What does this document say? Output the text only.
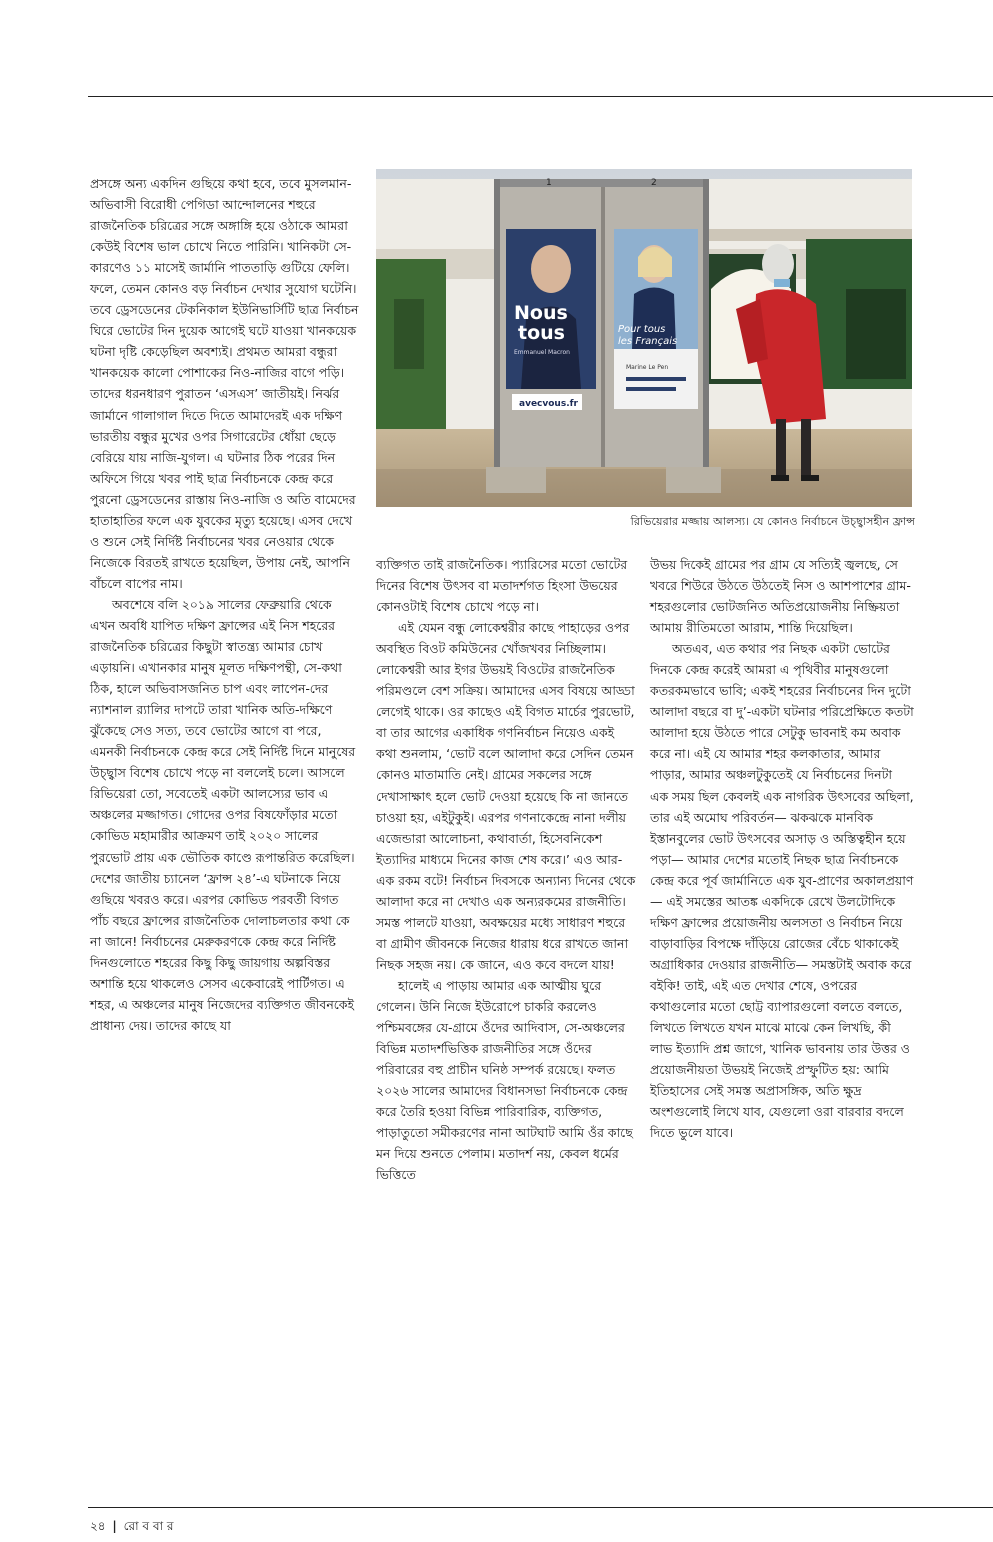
প্রসঙ্গে অন্য একদিন গুছিয়ে কথা হবে, তবে মুসলমান-অভিবাসী বিরোধী পেগিডা আন্দোলনের শহুরে রাজনৈতিক চরিত্রের সঙ্গে অঙ্গাঙ্গি হয়ে ওঠাকে আমরা কেউই বিশেষ ভাল চোখে নিতে পারিনি। খানিকটা সে-কারণেও ১১ মাসেই জার্মানি পাততাড়ি গুটিয়ে ফেলি। ফলে, তেমন কোনও বড় নির্বাচন দেখার সুযোগ ঘটেনি। তবে ড্রেসডেনের টেকনিকাল ইউনিভার্সিটি ছাত্র নির্বাচন ঘিরে ভোটের দিন দুয়েক আগেই ঘটে যাওয়া খানকয়েক ঘটনা দৃষ্টি কেড়েছিল অবশ্যই। প্রথমত আমরা বন্ধুরা খানকয়েক কালো পোশাকের নিও-নাজির বাগে পড়ি। তাদের ধরনধারণ পুরাতন ‘এসএস’ জাতীয়ই। নির্ঝর জার্মানে গালাগাল দিতে দিতে আমাদেরই এক দক্ষিণ ভারতীয় বন্ধুর মুখের ওপর সিগারেটের ধোঁয়া ছেড়ে বেরিয়ে যায় নাজি-যুগল। এ ঘটনার ঠিক পরের দিন অফিসে গিয়ে খবর পাই ছাত্র নির্বাচনকে কেন্দ্র করে পুরনো ড্রেসডেনের রাস্তায় নিও-নাজি ও অতি বামেদের হাতাহাতির ফলে এক যুবকের মৃত্যু হয়েছে। এসব দেখে ও শুনে সেই নির্দিষ্ট নির্বাচনের খবর নেওয়ার থেকে নিজেকে বিরতই রাখতে হয়েছিল, উপায় নেই, আপনি বাঁচলে বাপের নাম।

অবশেষে বলি ২০১৯ সালের ফেব্রুয়ারি থেকে এখন অবধি যাপিত দক্ষিণ ফ্রান্সের এই নিস শহরের রাজনৈতিক চরিত্রের কিছুটা স্বাতন্ত্র্য আমার চোখ এড়ায়নি। এখানকার মানুষ মূলত দক্ষিণপন্থী, সে-কথা ঠিক, হালে অভিবাসজনিত চাপ এবং লাপেন-দের ন্যাশনাল র‍্যালির দাপটে তারা খানিক অতি-দক্ষিণে ঝুঁকেছে সেও সত্য, তবে ভোটের আগে বা পরে, এমনকী নির্বাচনকে কেন্দ্র করে সেই নির্দিষ্ট দিনে মানুষের উচ্ছ্বাস বিশেষ চোখে পড়ে না বললেই চলে। আসলে রিভিয়েরা তো, সবেতেই একটা আলস্যের ভাব এ অঞ্চলের মজ্জাগত। গোদের ওপর বিষফোঁড়ার মতো কোভিড মহামারীর আক্রমণ তাই ২০২০ সালের পুরভোট প্রায় এক ভৌতিক কাণ্ডে রূপান্তরিত করেছিল। দেশের জাতীয় চ্যানেল ‘ফ্রান্স ২৪’-এ ঘটনাকে নিয়ে গুছিয়ে খবরও করে। এরপর কোভিড পরবর্তী বিগত পাঁচ বছরে ফ্রান্সের রাজনৈতিক দোলাচলতার কথা কে না জানে! নির্বাচনের মেরুকরণকে কেন্দ্র করে নির্দিষ্ট দিনগুলোতে শহরের কিছু কিছু জায়গায় অল্পবিস্তর অশান্তি হয়ে থাকলেও সেসব একেবারেই পার্টিগত। এ শহর, এ অঞ্চলের মানুষ নিজেদের ব্যক্তিগত জীবনকেই প্রাধান্য দেয়। তাদের কাছে যা

1	2
Nous
tous
Emmanuel Macron
avecvous.fr
Pour tous
les Français
Marine Le Pen
রিভিয়েরার মজ্জায় আলস্য। যে কোনও নির্বাচনে উচ্ছ্বাসহীন ফ্রান্স

ব্যক্তিগত তাই রাজনৈতিক। প্যারিসের মতো ভোটের দিনের বিশেষ উৎসব বা মতাদর্শগত হিংসা উভয়ের কোনওটাই বিশেষ চোখে পড়ে না।

এই যেমন বন্ধু লোকেশ্বরীর কাছে পাহাড়ের ওপর অবস্থিত বিওট কমিউনের খোঁজখবর নিচ্ছিলাম। লোকেশ্বরী আর ইগর উভয়ই বিওটের রাজনৈতিক পরিমণ্ডলে বেশ সক্রিয়। আমাদের এসব বিষয়ে আড্ডা লেগেই থাকে। ওর কাছেও এই বিগত মার্চের পুরভোট, বা তার আগের একাধিক গণনির্বাচন নিয়েও একই কথা শুনলাম, ‘ভোট বলে আলাদা করে সেদিন তেমন কোনও মাতামাতি নেই। গ্রামের সকলের সঙ্গে দেখাসাক্ষাৎ হলে ভোট দেওয়া হয়েছে কি না জানতে চাওয়া হয়, এইটুকুই। এরপর গণনাকেন্দ্রে নানা দলীয় এজেন্ডারা আলোচনা, কথাবার্তা, হিসেবনিকেশ ইত্যাদির মাধ্যমে দিনের কাজ শেষ করে।’ এও আর-এক রকম বটে! নির্বাচন দিবসকে অন্যান্য দিনের থেকে আলাদা করে না দেখাও এক অন্যরকমের রাজনীতি। সমস্ত পালটে যাওয়া, অবক্ষয়ের মধ্যে সাধারণ শহুরে বা গ্রামীণ জীবনকে নিজের ধারায় ধরে রাখতে জানা নিছক সহজ নয়। কে জানে, এও কবে বদলে যায়!

হালেই এ পাড়ায় আমার এক আত্মীয় ঘুরে গেলেন। উনি নিজে ইউরোপে চাকরি করলেও পশ্চিমবঙ্গের যে-গ্রামে ওঁদের আদিবাস, সে-অঞ্চলের বিভিন্ন মতাদর্শভিত্তিক রাজনীতির সঙ্গে ওঁদের পরিবারের বহু প্রাচীন ঘনিষ্ঠ সম্পর্ক রয়েছে। ফলত ২০২৬ সালের আমাদের বিধানসভা নির্বাচনকে কেন্দ্র করে তৈরি হওয়া বিভিন্ন পারিবারিক, ব্যক্তিগত, পাড়াতুতো সমীকরণের নানা আটঘাট আমি ওঁর কাছে মন দিয়ে শুনতে পেলাম। মতাদর্শ নয়, কেবল ধর্মের ভিত্তিতে

উভয় দিকেই গ্রামের পর গ্রাম যে সত্যিই জ্বলছে, সে খবরে শিউরে উঠতে উঠতেই নিস ও আশপাশের গ্রাম-শহরগুলোর ভোটজনিত অতিপ্রয়োজনীয় নিষ্ক্রিয়তা আমায় রীতিমতো আরাম, শান্তি দিয়েছিল।

অতএব, এত কথার পর নিছক একটা ভোটের দিনকে কেন্দ্র করেই আমরা এ পৃথিবীর মানুষগুলো কতরকমভাবে ভাবি; একই শহরের নির্বাচনের দিন দুটো আলাদা বছরে বা দু’-একটা ঘটনার পরিপ্রেক্ষিতে কতটা আলাদা হয়ে উঠতে পারে সেটুকু ভাবনাই কম অবাক করে না। এই যে আমার শহর কলকাতার, আমার পাড়ার, আমার অঞ্চলটুকুতেই যে নির্বাচনের দিনটা এক সময় ছিল কেবলই এক নাগরিক উৎসবের অছিলা, তার এই অমোঘ পরিবর্তন— ঝকঝকে মানবিক ইস্তানবুলের ভোট উৎসবের অসাড় ও অস্তিত্বহীন হয়ে পড়া— আমার দেশের মতোই নিছক ছাত্র নির্বাচনকে কেন্দ্র করে পূর্ব জার্মানিতে এক যুব-প্রাণের অকালপ্রয়াণ— এই সমস্তের আতঙ্ক একদিকে রেখে উলটোদিকে দক্ষিণ ফ্রান্সের প্রয়োজনীয় অলসতা ও নির্বাচন নিয়ে বাড়াবাড়ির বিপক্ষে দাঁড়িয়ে রোজের বেঁচে থাকাকেই অগ্রাধিকার দেওয়ার রাজনীতি— সমস্তটাই অবাক করে বইকি! তাই, এই এত দেখার শেষে, ওপরের কথাগুলোর মতো ছোট্ট ব্যাপারগুলো বলতে বলতে, লিখতে লিখতে যখন মাঝে মাঝে কেন লিখছি, কী লাভ ইত্যাদি প্রশ্ন জাগে, খানিক ভাবনায় তার উত্তর ও প্রয়োজনীয়তা উভয়ই নিজেই প্রস্ফুটিত হয়: আমি ইতিহাসের সেই সমস্ত অপ্রাসঙ্গিক, অতি ক্ষুদ্র অংশগুলোই লিখে যাব, যেগুলো ওরা বারবার বদলে দিতে ভুলে যাবে।

২৪ | রো ব বা র
